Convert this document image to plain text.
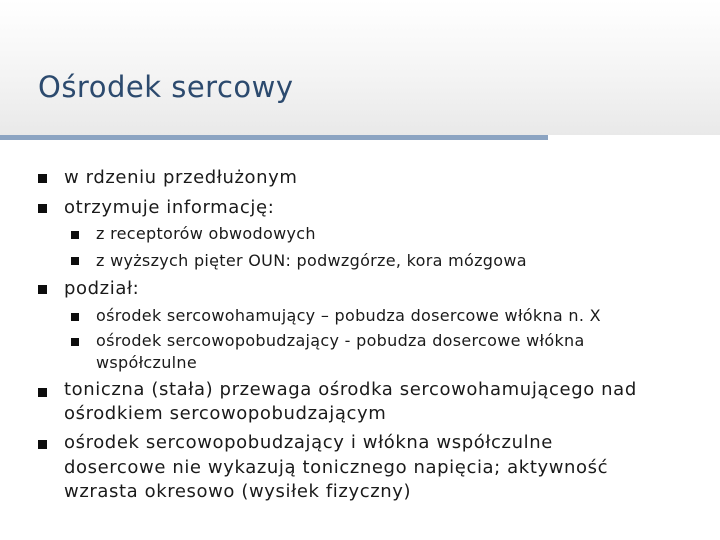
Ośrodek sercowy
w rdzeniu przedłużonym
otrzymuje informację:
z receptorów obwodowych
z wyższych pięter OUN: podwzgórze, kora mózgowa
podział:
ośrodek sercowohamujący – pobudza dosercowe włókna n. X
ośrodek sercowopobudzający - pobudza dosercowe włókna
współczulne
toniczna (stała) przewaga ośrodka sercowohamującego nad
ośrodkiem sercowopobudzającym
ośrodek sercowopobudzający i włókna współczulne
dosercowe nie wykazują tonicznego napięcia; aktywność
wzrasta okresowo (wysiłek fizyczny)
